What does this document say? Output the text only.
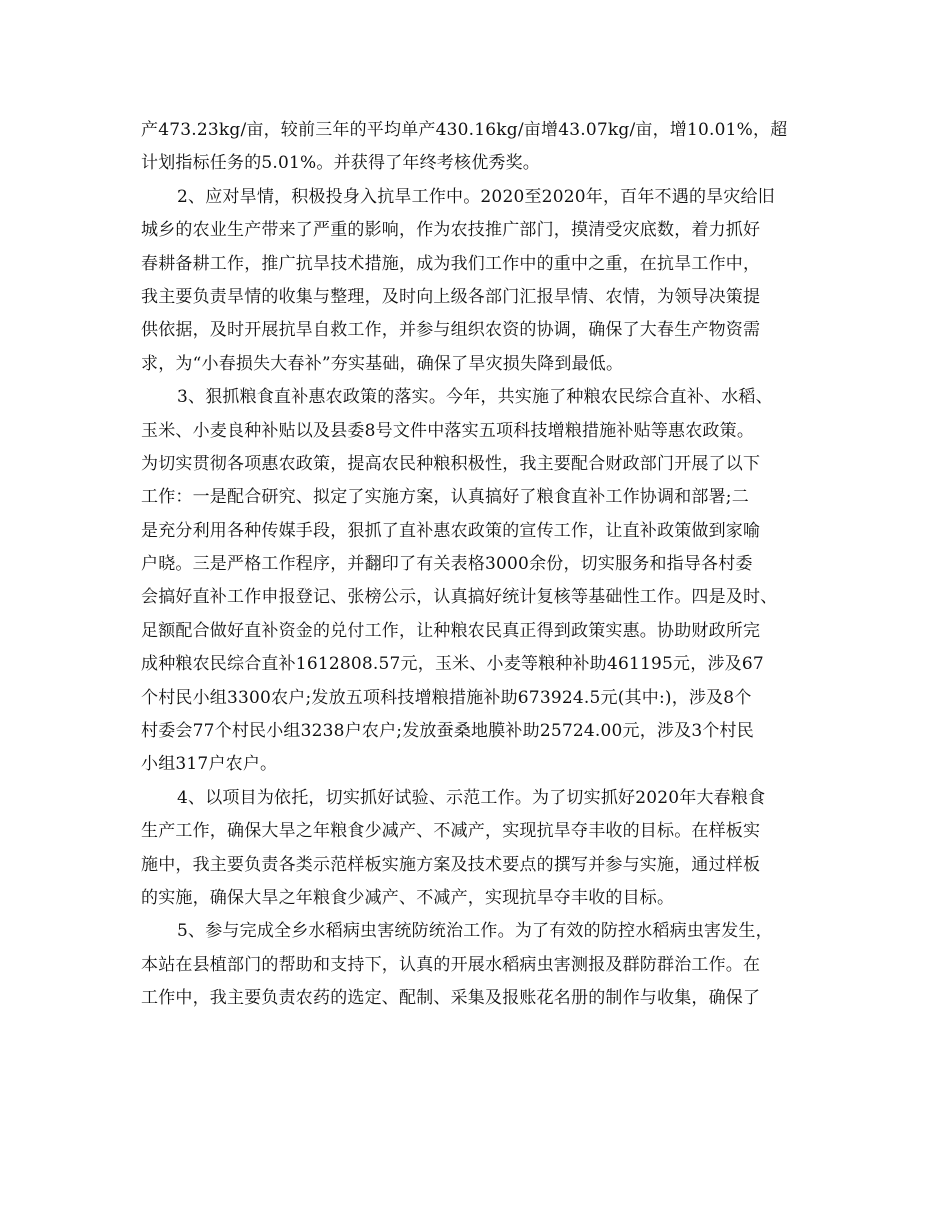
产473.23kg/亩，较前三年的平均单产430.16kg/亩增43.07kg/亩，增10.01%，超
计划指标任务的5.01%。并获得了年终考核优秀奖。
2、应对旱情，积极投身入抗旱工作中。2020至2020年，百年不遇的旱灾给旧
城乡的农业生产带来了严重的影响，作为农技推广部门，摸清受灾底数，着力抓好
春耕备耕工作，推广抗旱技术措施，成为我们工作中的重中之重，在抗旱工作中，
我主要负责旱情的收集与整理，及时向上级各部门汇报旱情、农情，为领导决策提
供依据，及时开展抗旱自救工作，并参与组织农资的协调，确保了大春生产物资需
求，为“小春损失大春补”夯实基础，确保了旱灾损失降到最低。
3、狠抓粮食直补惠农政策的落实。今年，共实施了种粮农民综合直补、水稻、
玉米、小麦良种补贴以及县委8号文件中落实五项科技增粮措施补贴等惠农政策。
为切实贯彻各项惠农政策，提高农民种粮积极性，我主要配合财政部门开展了以下
工作：一是配合研究、拟定了实施方案，认真搞好了粮食直补工作协调和部署;二
是充分利用各种传媒手段，狠抓了直补惠农政策的宣传工作，让直补政策做到家喻
户晓。三是严格工作程序，并翻印了有关表格3000余份，切实服务和指导各村委
会搞好直补工作申报登记、张榜公示，认真搞好统计复核等基础性工作。四是及时、
足额配合做好直补资金的兑付工作，让种粮农民真正得到政策实惠。协助财政所完
成种粮农民综合直补1612808.57元，玉米、小麦等粮种补助461195元，涉及67
个村民小组3300农户;发放五项科技增粮措施补助673924.5元(其中:)，涉及8个
村委会77个村民小组3238户农户;发放蚕桑地膜补助25724.00元，涉及3个村民
小组317户农户。
4、以项目为依托，切实抓好试验、示范工作。为了切实抓好2020年大春粮食
生产工作，确保大旱之年粮食少减产、不减产，实现抗旱夺丰收的目标。在样板实
施中，我主要负责各类示范样板实施方案及技术要点的撰写并参与实施，通过样板
的实施，确保大旱之年粮食少减产、不减产，实现抗旱夺丰收的目标。
5、参与完成全乡水稻病虫害统防统治工作。为了有效的防控水稻病虫害发生，
本站在县植部门的帮助和支持下，认真的开展水稻病虫害测报及群防群治工作。在
工作中，我主要负责农药的选定、配制、采集及报账花名册的制作与收集，确保了
